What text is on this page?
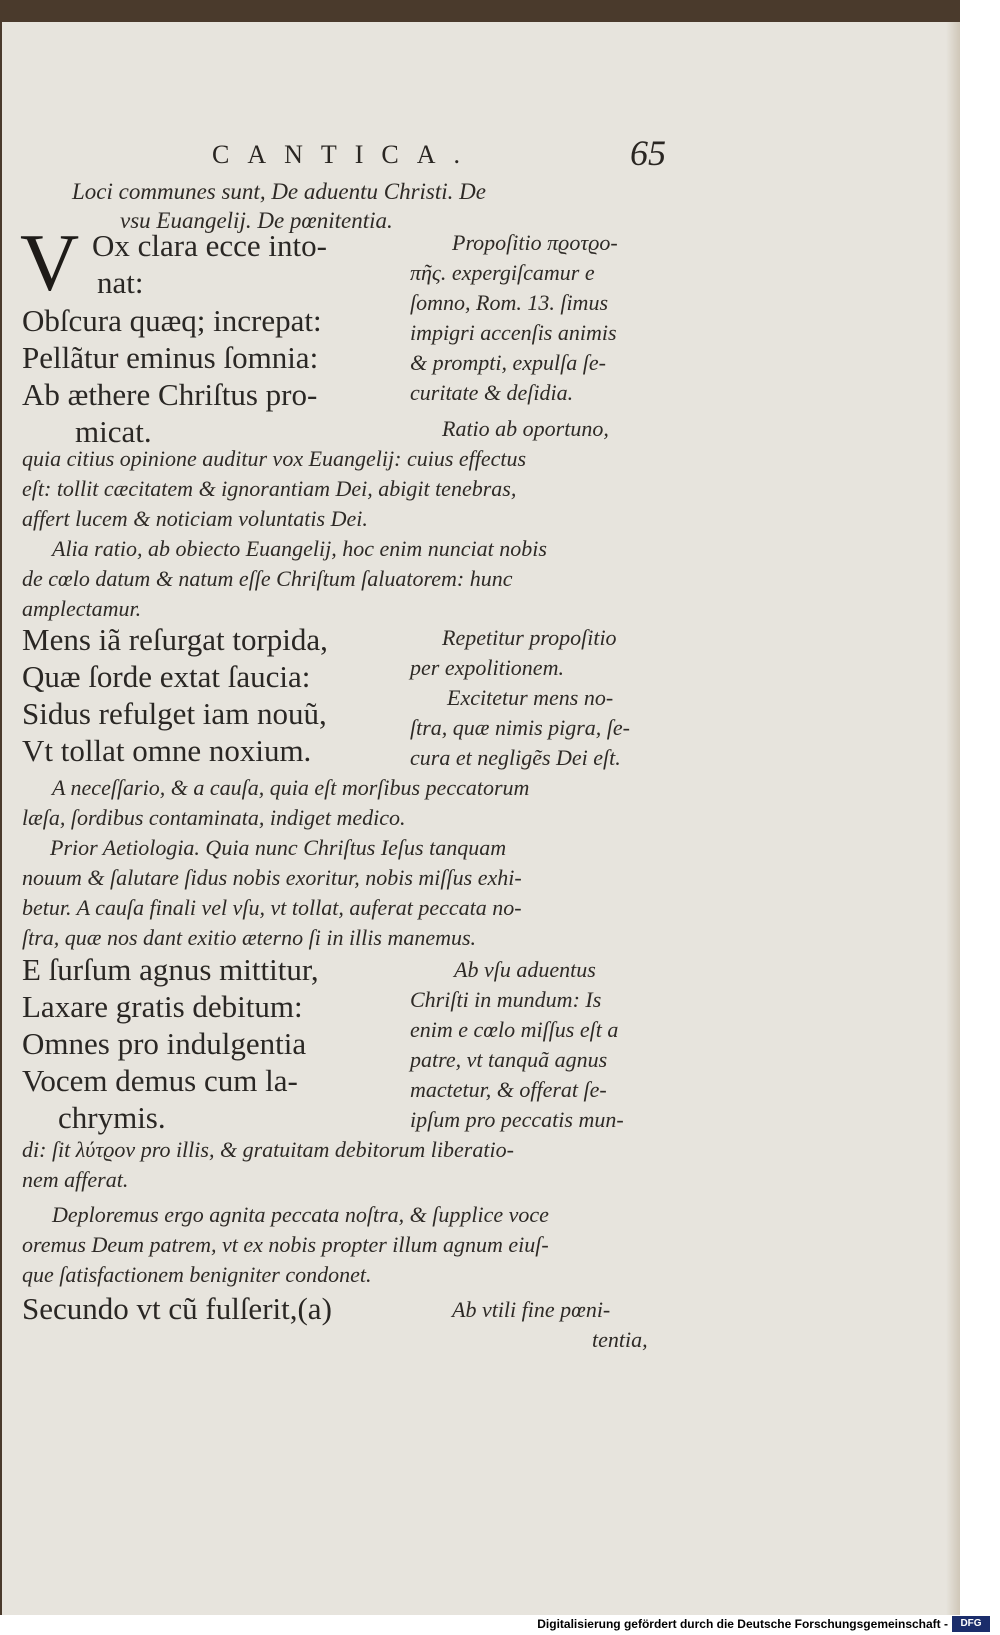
CANTICA.	65
Loci communes sunt, De aduentu Christi. De
vsu Euangelij. De pœnitentia.
V Ox clara ecce into-
nat:
Obſcura quæq; increpat:
Pellãtur eminus ſomnia:
Ab æthere Chriſtus pro-
micat.
Propoſitio πϱοτϱο-
πῆς. expergiſcamur e
ſomno, Rom. 13. ſimus
impigri accenſis animis
& prompti, expulſa ſe-
curitate & deſidia.
Ratio ab oportuno,
quia citius opinione auditur vox Euangelij: cuius effectus
eſt: tollit cæcitatem & ignorantiam Dei, abigit tenebras,
affert lucem & noticiam voluntatis Dei.
Alia ratio, ab obiecto Euangelij, hoc enim nunciat nobis
de cœlo datum & natum eſſe Chriſtum ſaluatorem: hunc
amplectamur.
Mens iã reſurgat torpida,
Quæ ſorde extat ſaucia:
Sidus refulget iam nouũ,
Vt tollat omne noxium.
Repetitur propoſitio
per expolitionem.
Excitetur mens no-
ſtra, quæ nimis pigra, ſe-
cura et negligẽs Dei eſt.
A neceſſario, & a cauſa, quia eſt morſibus peccatorum
læſa, ſordibus contaminata, indiget medico.
Prior Aetiologia. Quia nunc Chriſtus Ieſus tanquam
nouum & ſalutare ſidus nobis exoritur, nobis miſſus exhi-
betur. A cauſa finali vel vſu, vt tollat, auferat peccata no-
ſtra, quæ nos dant exitio æterno ſi in illis manemus.
E ſurſum agnus mittitur,
Laxare gratis debitum:
Omnes pro indulgentia
Vocem demus cum la-
chrymis.
Ab vſu aduentus
Chriſti in mundum: Is
enim e cœlo miſſus eſt a
patre, vt tanquã agnus
mactetur, & offerat ſe-
ipſum pro peccatis mun-
di: ſit λύτϱον pro illis, & gratuitam debitorum liberatio-
nem afferat.
Deploremus ergo agnita peccata noſtra, & ſupplice voce
oremus Deum patrem, vt ex nobis propter illum agnum eiuſ-
que ſatisfactionem benigniter condonet.
Secundo vt cũ fulſerit,(a)	Ab vtili fine pœni-
tentia,
Digitalisierung gefördert durch die Deutsche Forschungsgemeinschaft -	DFG
